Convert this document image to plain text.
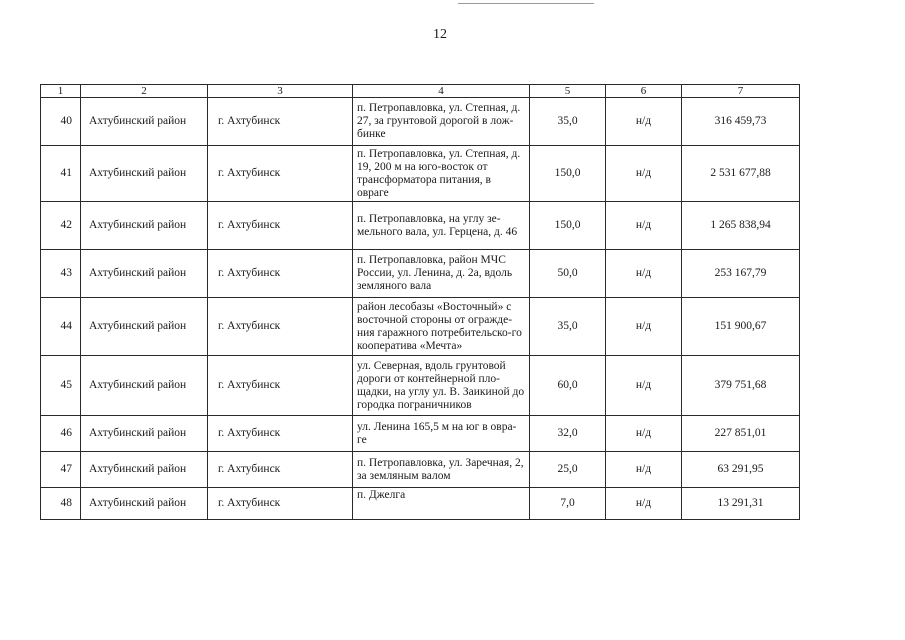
12
1	2	3	4	5	6	7
40	Ахтубинский район	г. Ахтубинск	п. Петропавловка, ул. Степная, д. 27, за грунтовой дорогой в лож-бинке	35,0	н/д	316 459,73
41	Ахтубинский район	г. Ахтубинск	п. Петропавловка, ул. Степная, д. 19, 200 м на юго-восток от трансформатора питания, в овраге	150,0	н/д	2 531 677,88
42	Ахтубинский район	г. Ахтубинск	п. Петропавловка, на углу зе-мельного вала, ул. Герцена, д. 46	150,0	н/д	1 265 838,94
43	Ахтубинский район	г. Ахтубинск	п. Петропавловка, район МЧС России, ул. Ленина, д. 2а, вдоль земляного вала	50,0	н/д	253 167,79
44	Ахтубинский район	г. Ахтубинск	район лесобазы «Восточный» с восточной стороны от огражде-ния гаражного потребительско-го кооператива «Мечта»	35,0	н/д	151 900,67
45	Ахтубинский район	г. Ахтубинск	ул. Северная, вдоль грунтовой дороги от контейнерной пло-щадки, на углу ул. В. Заикиной до городка пограничников	60,0	н/д	379 751,68
46	Ахтубинский район	г. Ахтубинск	ул. Ленина 165,5 м на юг в овра-ге	32,0	н/д	227 851,01
47	Ахтубинский район	г. Ахтубинск	п. Петропавловка, ул. Заречная, 2, за земляным валом	25,0	н/д	63 291,95
48	Ахтубинский район	г. Ахтубинск	п. Джелга	7,0	н/д	13 291,31
